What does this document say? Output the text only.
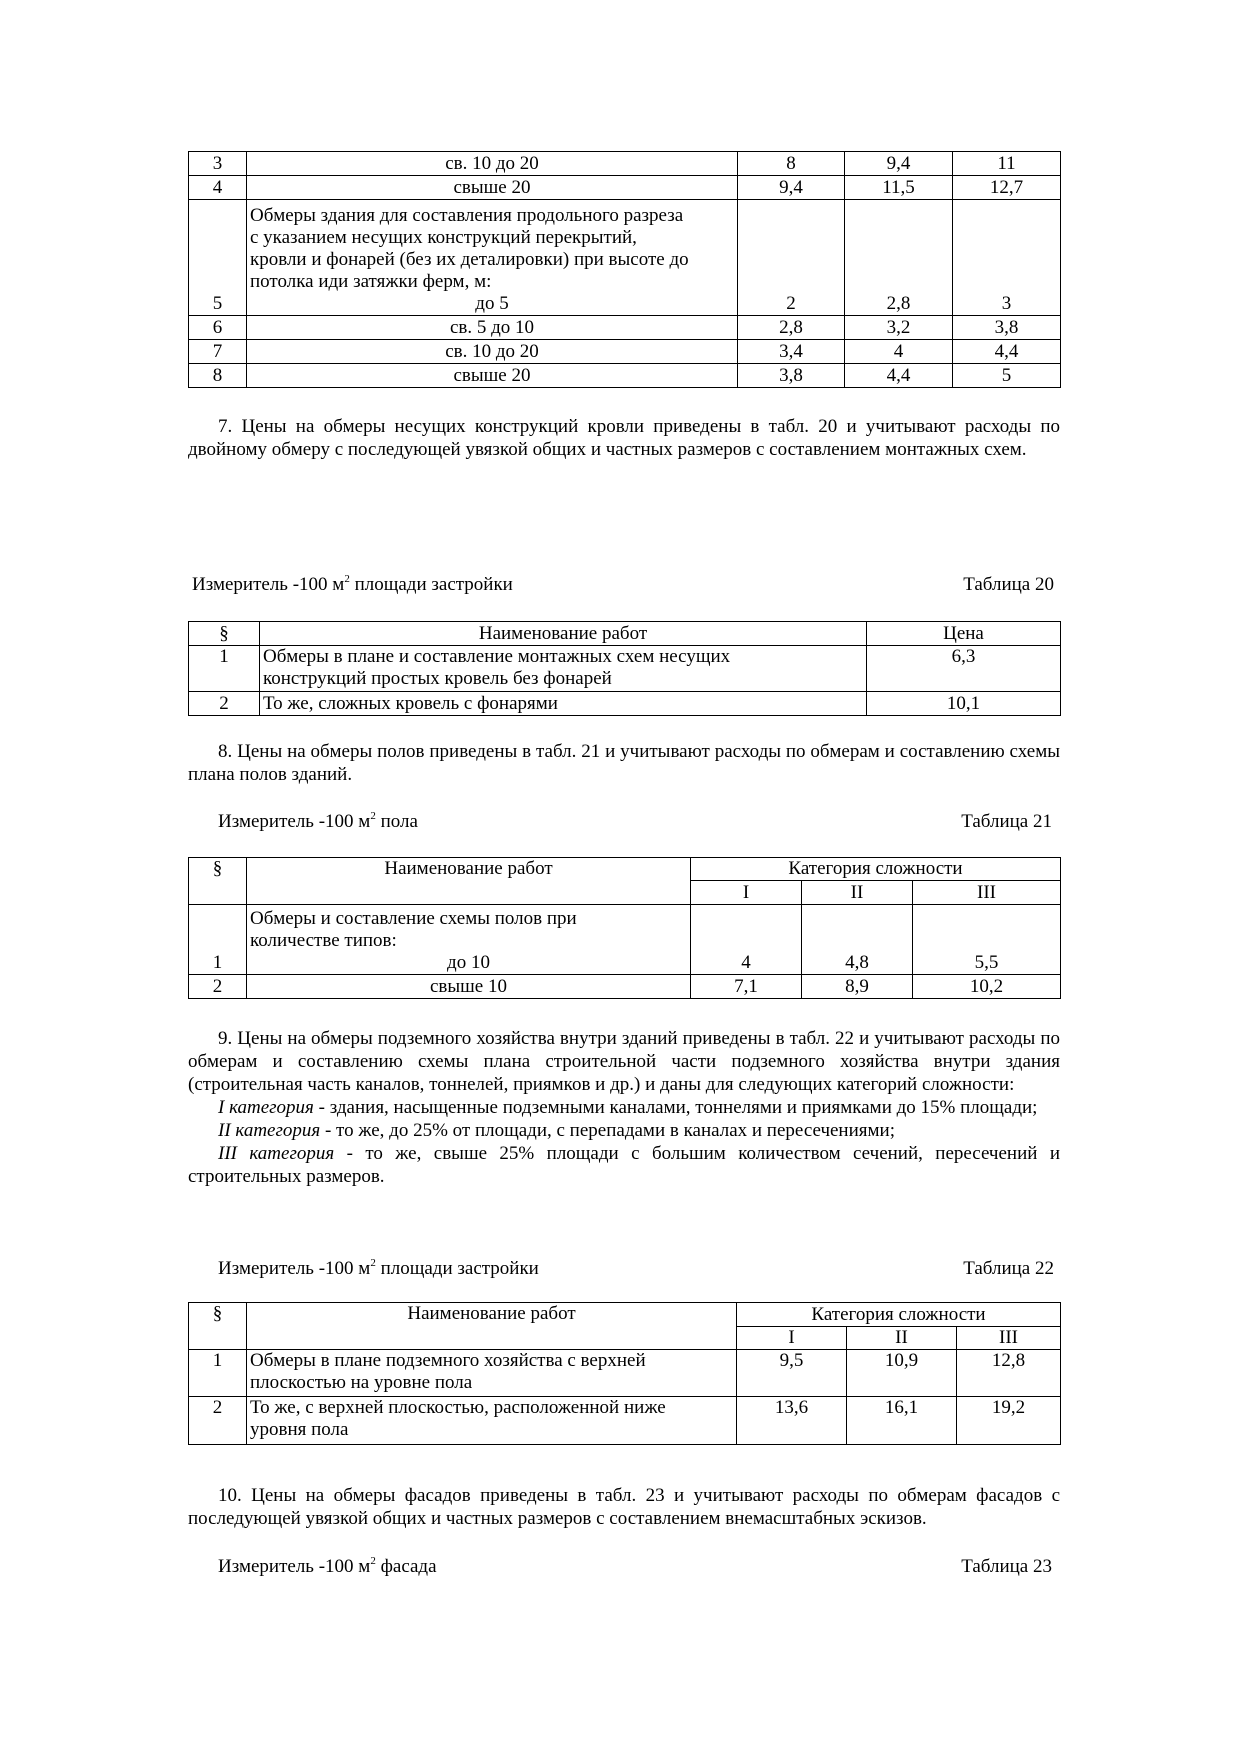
3	св. 10 до 20	8	9,4	11
4	свыше 20	9,4	11,5	12,7
5	Обмеры здания для составления продольного разреза
с указанием несущих конструкций перекрытий,
кровли и фонарей (без их деталировки) при высоте до
потолка иди затяжки ферм, м:
до 5	2	2,8	3
6	св. 5 до 10	2,8	3,2	3,8
7	св. 10 до 20	3,4	4	4,4
8	свыше 20	3,8	4,4	5

7. Цены на обмеры несущих конструкций кровли приведены в табл. 20 и учитывают расходы по двойному обмеру с последующей увязкой общих и частных размеров с составлением монтажных схем.

Измеритель -100 $м^2$ площади застройки	Таблица 20
§	Наименование работ	Цена
1	Обмеры в плане и составление монтажных схем несущих
конструкций простых кровель без фонарей	6,3
2	То же, сложных кровель с фонарями	10,1

8. Цены на обмеры полов приведены в табл. 21 и учитывают расходы по обмерам и составлению схемы плана полов зданий.

Измеритель -100 $м^2$ пола	Таблица 21
§	Наименование работ	Категория сложности		
		I	II	III
1	Обмеры и составление схемы полов при
количестве типов:
до 10	4	4,8	5,5
2	свыше 10	7,1	8,9	10,2

9. Цены на обмеры подземного хозяйства внутри зданий приведены в табл. 22 и учитывают расходы по обмерам и составлению схемы плана строительной части подземного хозяйства внутри здания (строительная часть каналов, тоннелей, приямков и др.) и даны для следующих категорий сложности:

I категория - здания, насыщенные подземными каналами, тоннелями и приямками до 15% площади;

II категория - то же, до 25% от площади, с перепадами в каналах и пересечениями;

III категория - то же, свыше 25% площади с большим количеством сечений, пересечений и строительных размеров.

Измеритель -100 $м^2$ площади застройки	Таблица 22
§	Наименование работ	Категория сложности		
		I	II	III
1	Обмеры в плане подземного хозяйства с верхней
плоскостью на уровне пола	9,5	10,9	12,8
2	То же, с верхней плоскостью, расположенной ниже
уровня пола	13,6	16,1	19,2

10. Цены на обмеры фасадов приведены в табл. 23 и учитывают расходы по обмерам фасадов с последующей увязкой общих и частных размеров с составлением внемасштабных эскизов.

Измеритель -100 $м^2$ фасада	Таблица 23
